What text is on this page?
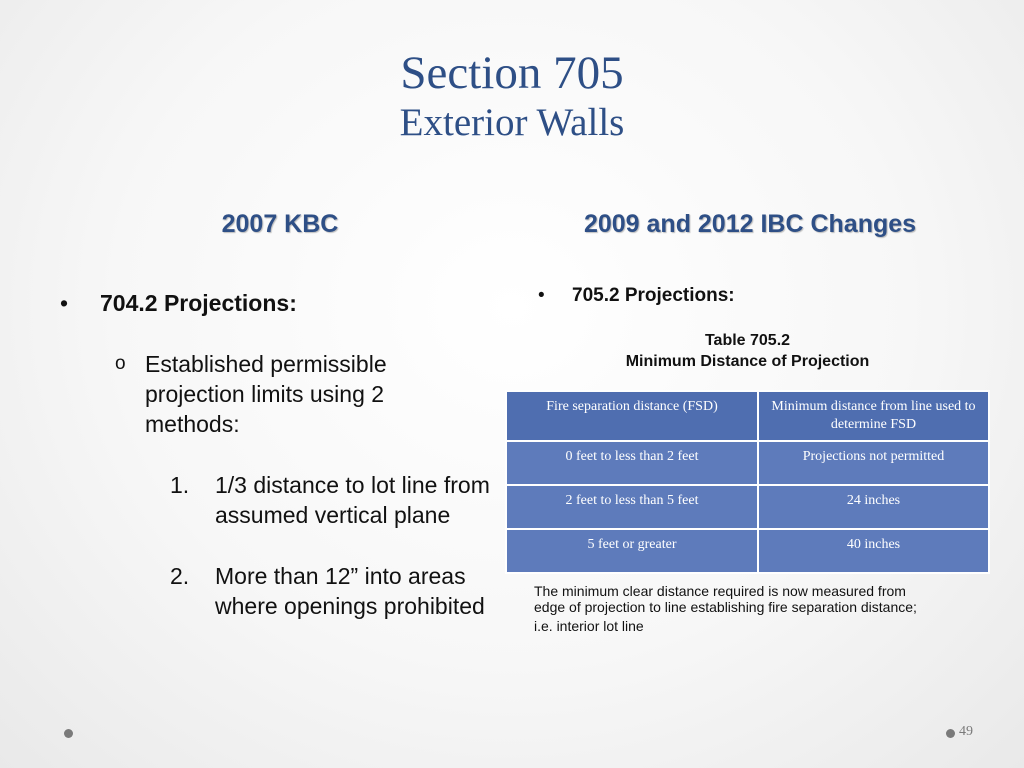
Section 705
Exterior Walls
2007 KBC	2009 and 2012 IBC Changes
• 704.2 Projections:
o Established permissible projection limits using 2 methods:
1. 1/3 distance to lot line from assumed vertical plane
2. More than 12” into areas where openings prohibited
• 705.2 Projections:
Table 705.2
Minimum Distance of Projection
Fire separation distance (FSD)	Minimum distance from line used to determine FSD
0 feet to less than 2 feet	Projections not permitted
2 feet to less than 5 feet	24 inches
5 feet or greater	40 inches
The minimum clear distance required is now measured from edge of projection to line establishing fire separation distance;
i.e. interior lot line
49
